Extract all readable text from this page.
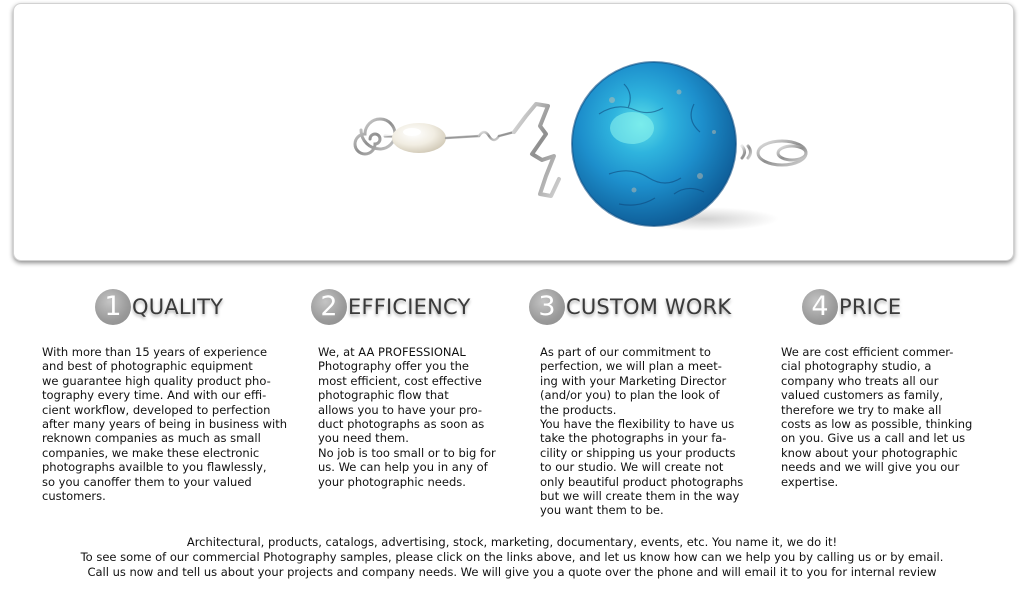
1 QUALITY
With more than 15 years of experience
and best of photographic equipment
we guarantee high quality product pho-
tography every time. And with our effi-
cient workflow, developed to perfection
after many years of being in business with
reknown companies as much as small
companies, we make these electronic
photographs availble to you flawlessly,
so you canoffer them to your valued
customers.
2 EFFICIENCY
We, at AA PROFESSIONAL
Photography offer you the
most efficient, cost effective
photographic flow that
allows you to have your pro-
duct photographs as soon as
you need them.
No job is too small or to big for
us. We can help you in any of
your photographic needs.
3 CUSTOM WORK
As part of our commitment to
perfection, we will plan a meet-
ing with your Marketing Director
(and/or you) to plan the look of
the products.
You have the flexibility to have us
take the photographs in your fa-
cility or shipping us your products
to our studio. We will create not
only beautiful product photographs
but we will create them in the way
you want them to be.
4 PRICE
We are cost efficient commer-
cial photography studio, a
company who treats all our
valued customers as family,
therefore we try to make all
costs as low as possible, thinking
on you. Give us a call and let us
know about your photographic
needs and we will give you our
expertise.
Architectural, products, catalogs, advertising, stock, marketing, documentary, events, etc. You name it, we do it!
To see some of our commercial Photography samples, please click on the links above, and let us know how can we help you by calling us or by email.
Call us now and tell us about your projects and company needs. We will give you a quote over the phone and will email it to you for internal review
